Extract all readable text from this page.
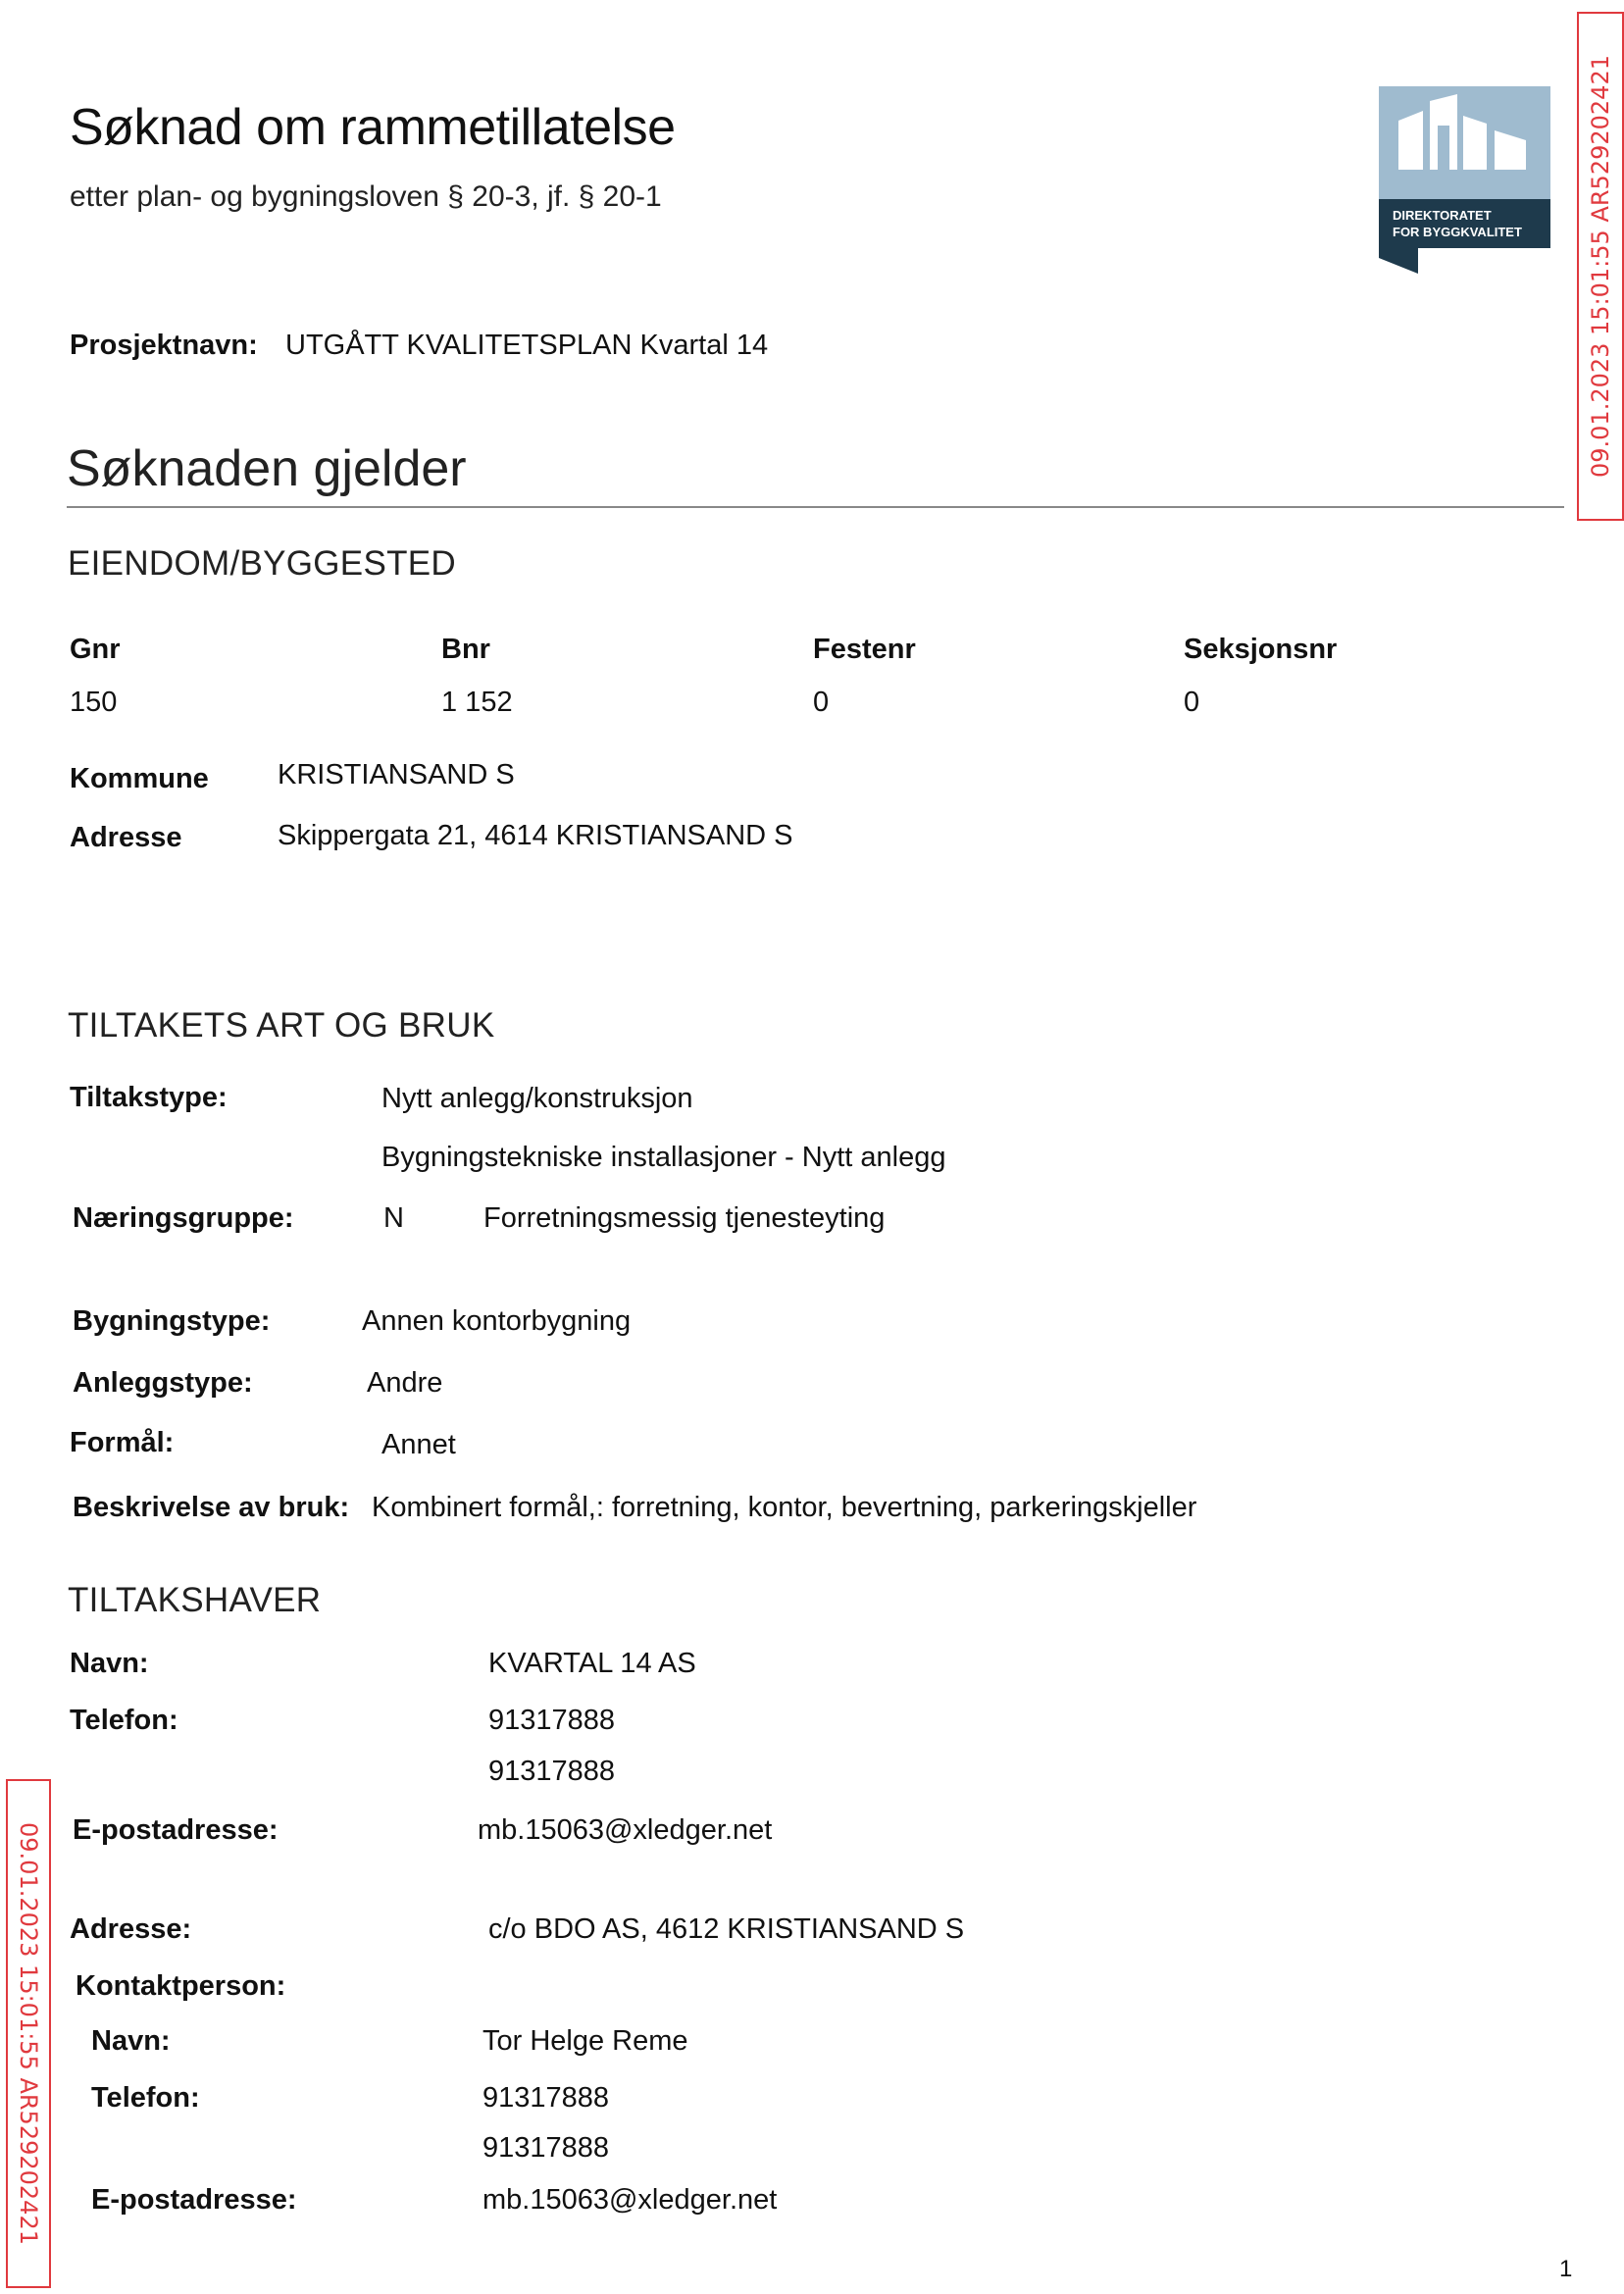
Søknad om rammetillatelse
etter plan- og bygningsloven § 20-3, jf. § 20-1
DIREKTORATET
FOR BYGGKVALITET	09.01.2023 15:01:55 AR529202421
09.01.2023 15:01:55 AR529202421
Prosjektnavn: UTGÅTT KVALITETSPLAN Kvartal 14
Søknaden gjelder
EIENDOM/BYGGESTED
Gnr	Bnr	Festenr	Seksjonsnr
150	1 152	0	0
Kommune KRISTIANSAND S
Adresse	Skippergata 21, 4614 KRISTIANSAND S
TILTAKETS ART OG BRUK
Tiltakstype:	Nytt anlegg/konstruksjon
Bygningstekniske installasjoner - Nytt anlegg
Næringsgruppe:	N	Forretningsmessig tjenesteyting
Bygningstype:	Annen kontorbygning
Anleggstype:	Andre
Formål:	Annet
Beskrivelse av bruk: Kombinert formål,: forretning, kontor, bevertning, parkeringskjeller
TILTAKSHAVER
Navn:	KVARTAL 14 AS
Telefon:	91317888
91317888
E-postadresse:	mb.15063@xledger.net
Adresse:	c/o BDO AS, 4612 KRISTIANSAND S
Kontaktperson:
Navn:	Tor Helge Reme
Telefon:	91317888
91317888
E-postadresse:	mb.15063@xledger.net
1
